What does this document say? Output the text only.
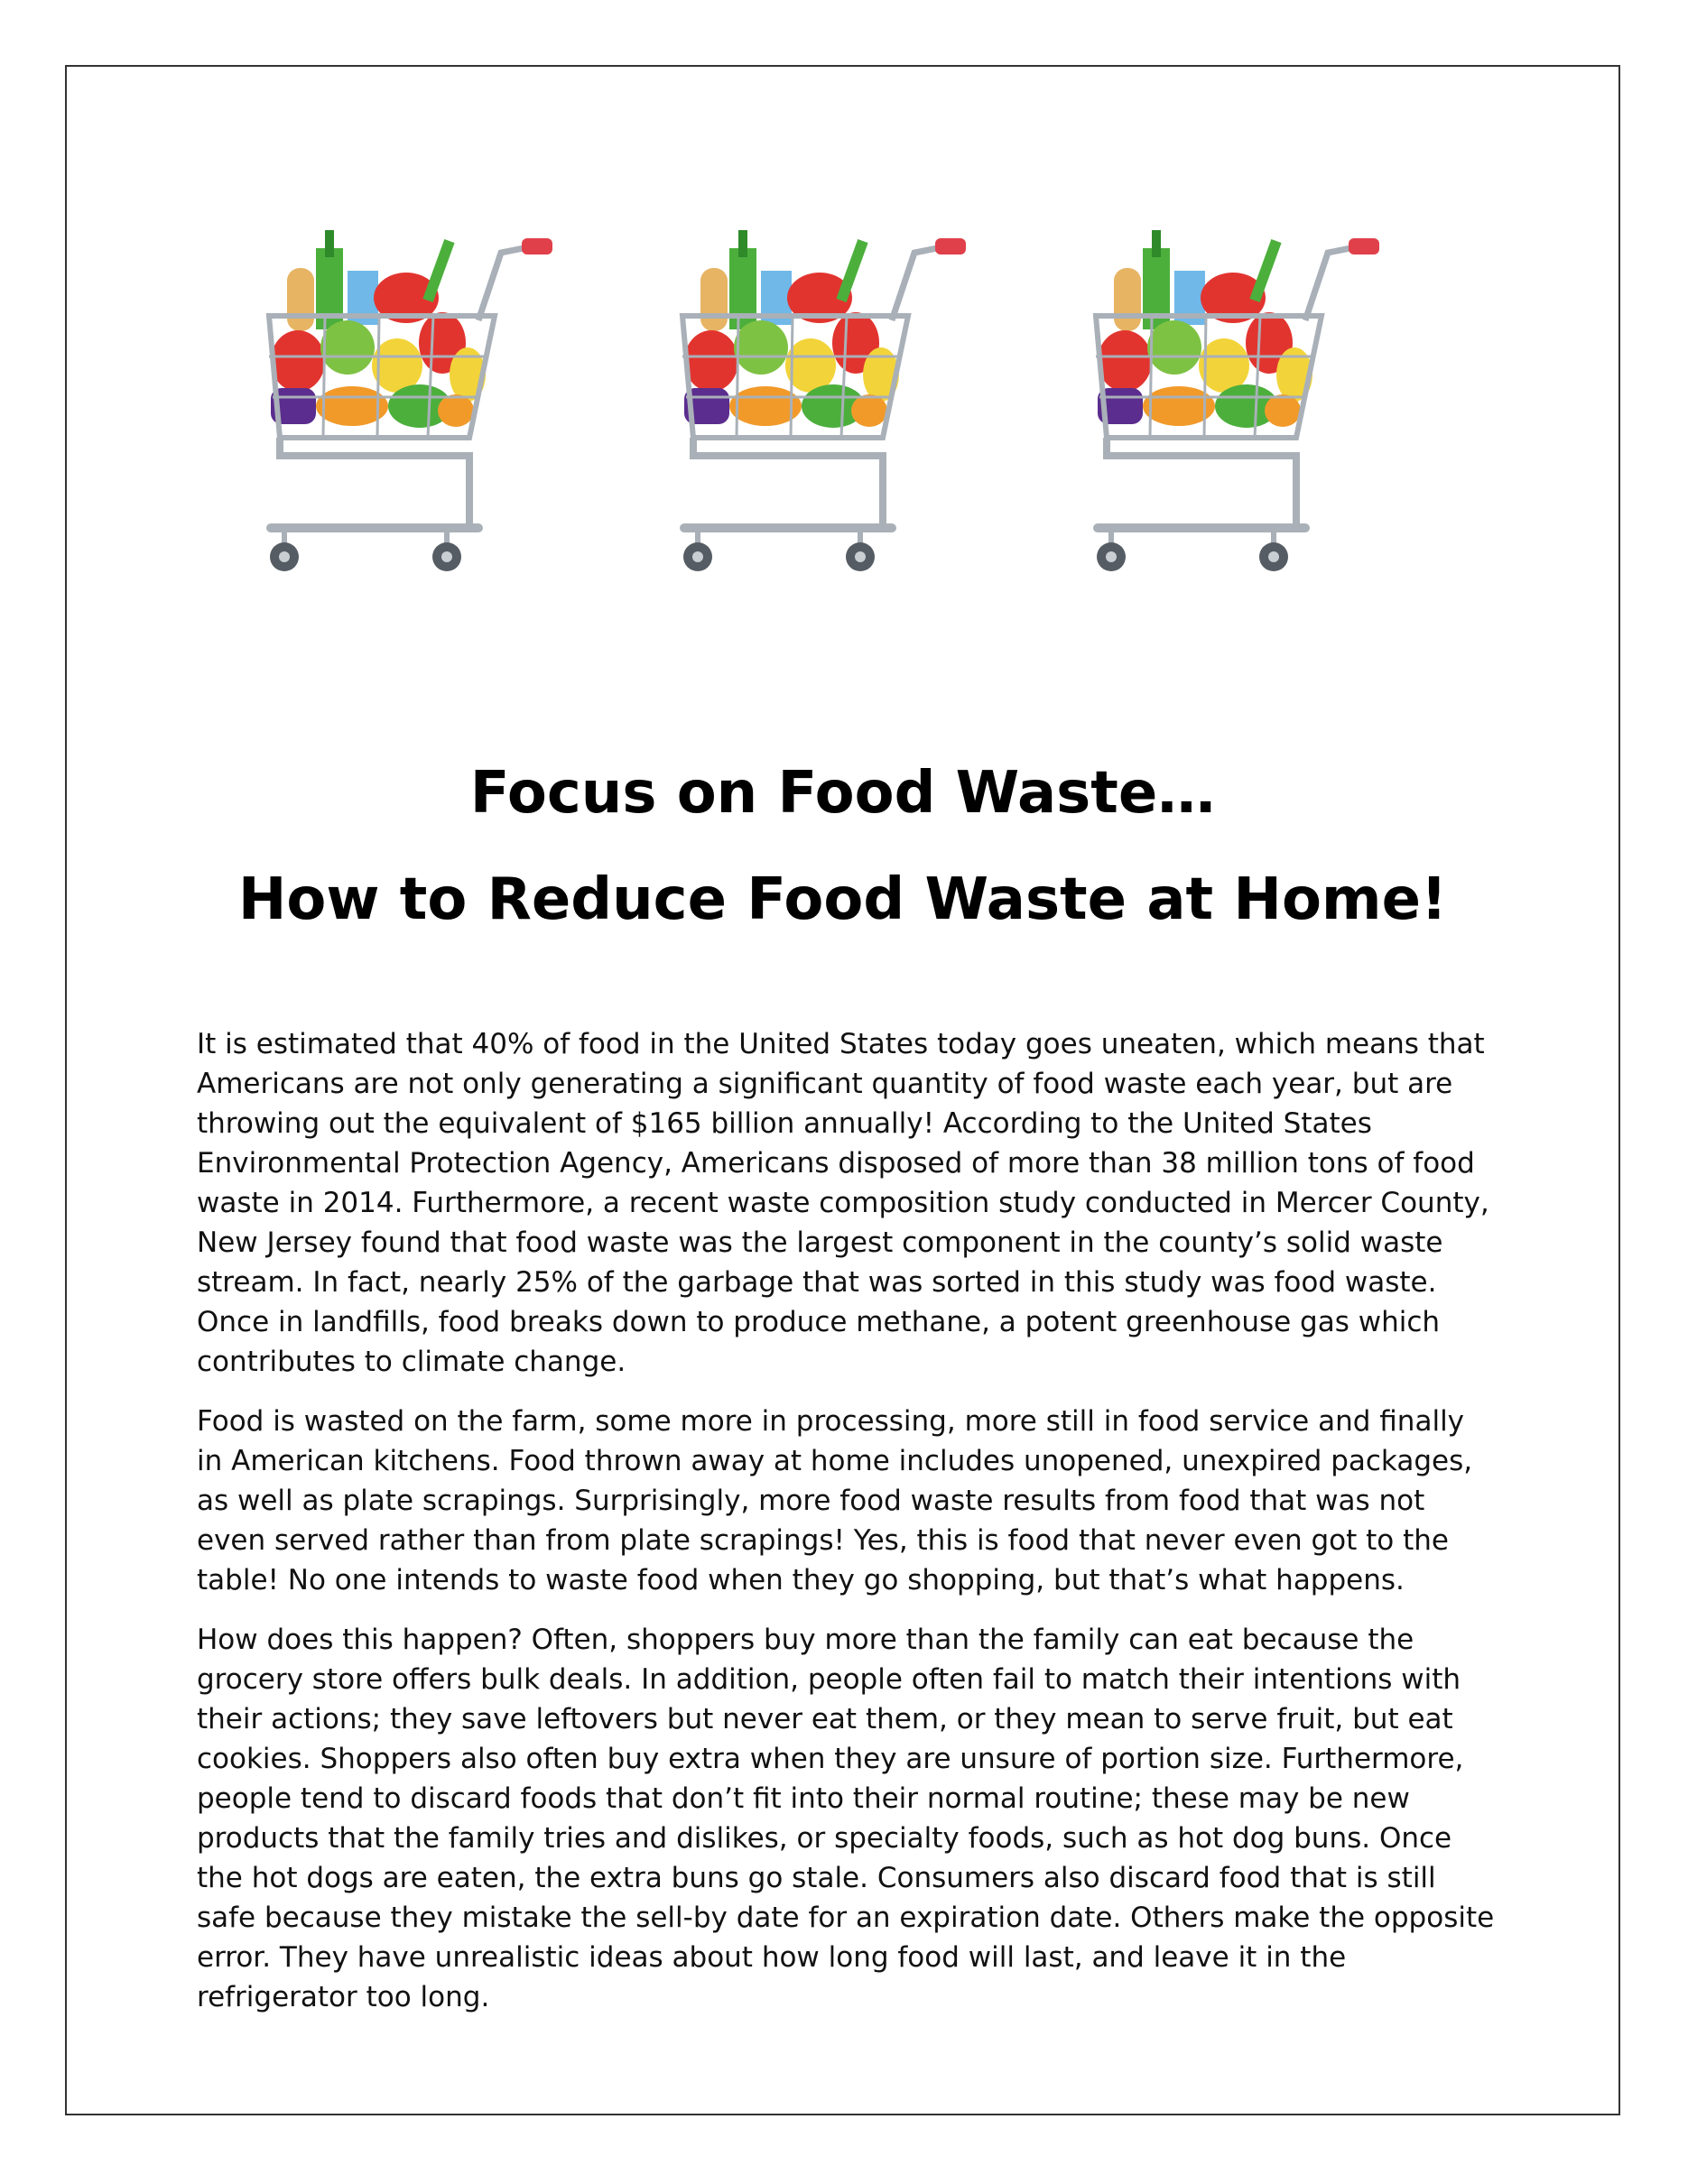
Focus on Food Waste…
How to Reduce Food Waste at Home!

It is estimated that 40% of food in the United States today goes uneaten, which means that Americans are not only generating a significant quantity of food waste each year, but are throwing out the equivalent of $165 billion annually! According to the United States Environmental Protection Agency, Americans disposed of more than 38 million tons of food waste in 2014. Furthermore, a recent waste composition study conducted in Mercer County, New Jersey found that food waste was the largest component in the county’s solid waste stream. In fact, nearly 25% of the garbage that was sorted in this study was food waste. Once in landfills, food breaks down to produce methane, a potent greenhouse gas which contributes to climate change.

Food is wasted on the farm, some more in processing, more still in food service and finally in American kitchens. Food thrown away at home includes unopened, unexpired packages, as well as plate scrapings. Surprisingly, more food waste results from food that was not even served rather than from plate scrapings! Yes, this is food that never even got to the table! No one intends to waste food when they go shopping, but that’s what happens.

How does this happen? Often, shoppers buy more than the family can eat because the grocery store offers bulk deals. In addition, people often fail to match their intentions with their actions; they save leftovers but never eat them, or they mean to serve fruit, but eat cookies. Shoppers also often buy extra when they are unsure of portion size. Furthermore, people tend to discard foods that don’t fit into their normal routine; these may be new products that the family tries and dislikes, or specialty foods, such as hot dog buns. Once the hot dogs are eaten, the extra buns go stale. Consumers also discard food that is still safe because they mistake the sell-by date for an expiration date. Others make the opposite error. They have unrealistic ideas about how long food will last, and leave it in the refrigerator too long.
